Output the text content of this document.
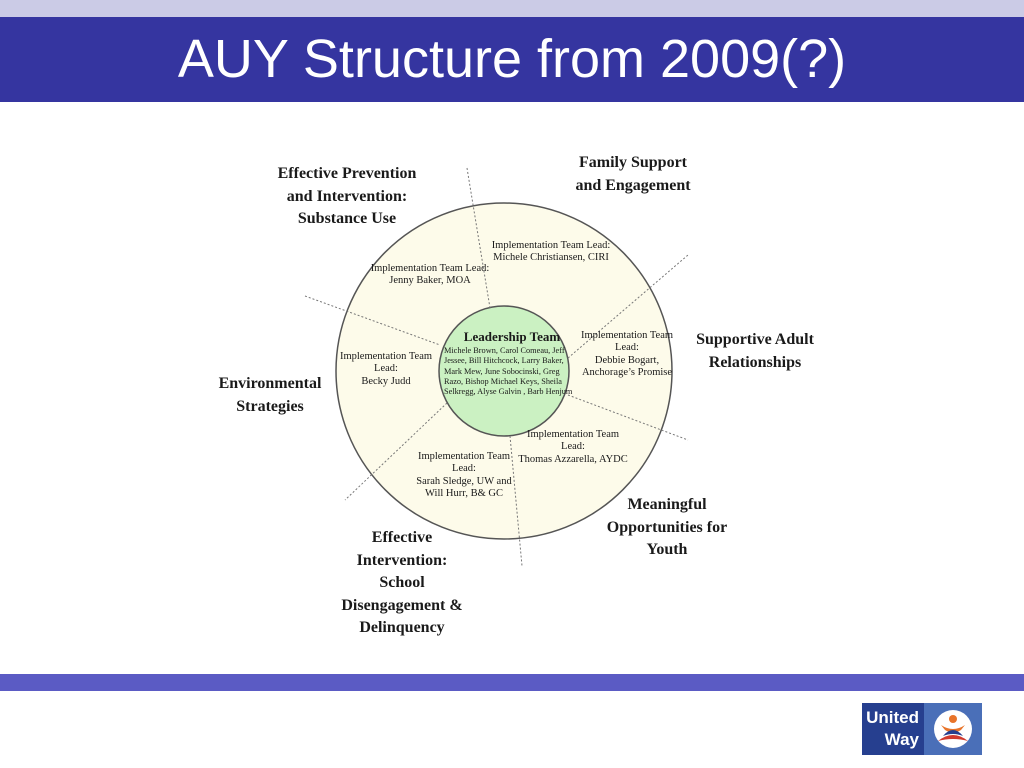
AUY Structure from 2009(?)
Effective Prevention and Intervention: Substance Use
Family Support and Engagement
Supportive Adult Relationships
Environmental Strategies
Meaningful Opportunities for Youth
Effective Intervention: School Disengagement & Delinquency
Implementation Team Lead:
Jenny Baker, MOA
Implementation Team Lead:
Michele Christiansen, CIRI
Implementation Team Lead:
Debbie Bogart, Anchorage’s Promise
Implementation Team Lead:
Becky Judd
Implementation Team Lead:
Sarah Sledge, UW and Will Hurr, B& GC
Implementation Team Lead:
Thomas Azzarella, AYDC
Leadership Team
Michele Brown, Carol Comeau, Jeff Jessee, Bill Hitchcock, Larry Baker, Mark Mew, June Sobocinski, Greg Razo, Bishop Michael Keys, Sheila Selkregg, Alyse Galvin , Barb Henjum
United Way
